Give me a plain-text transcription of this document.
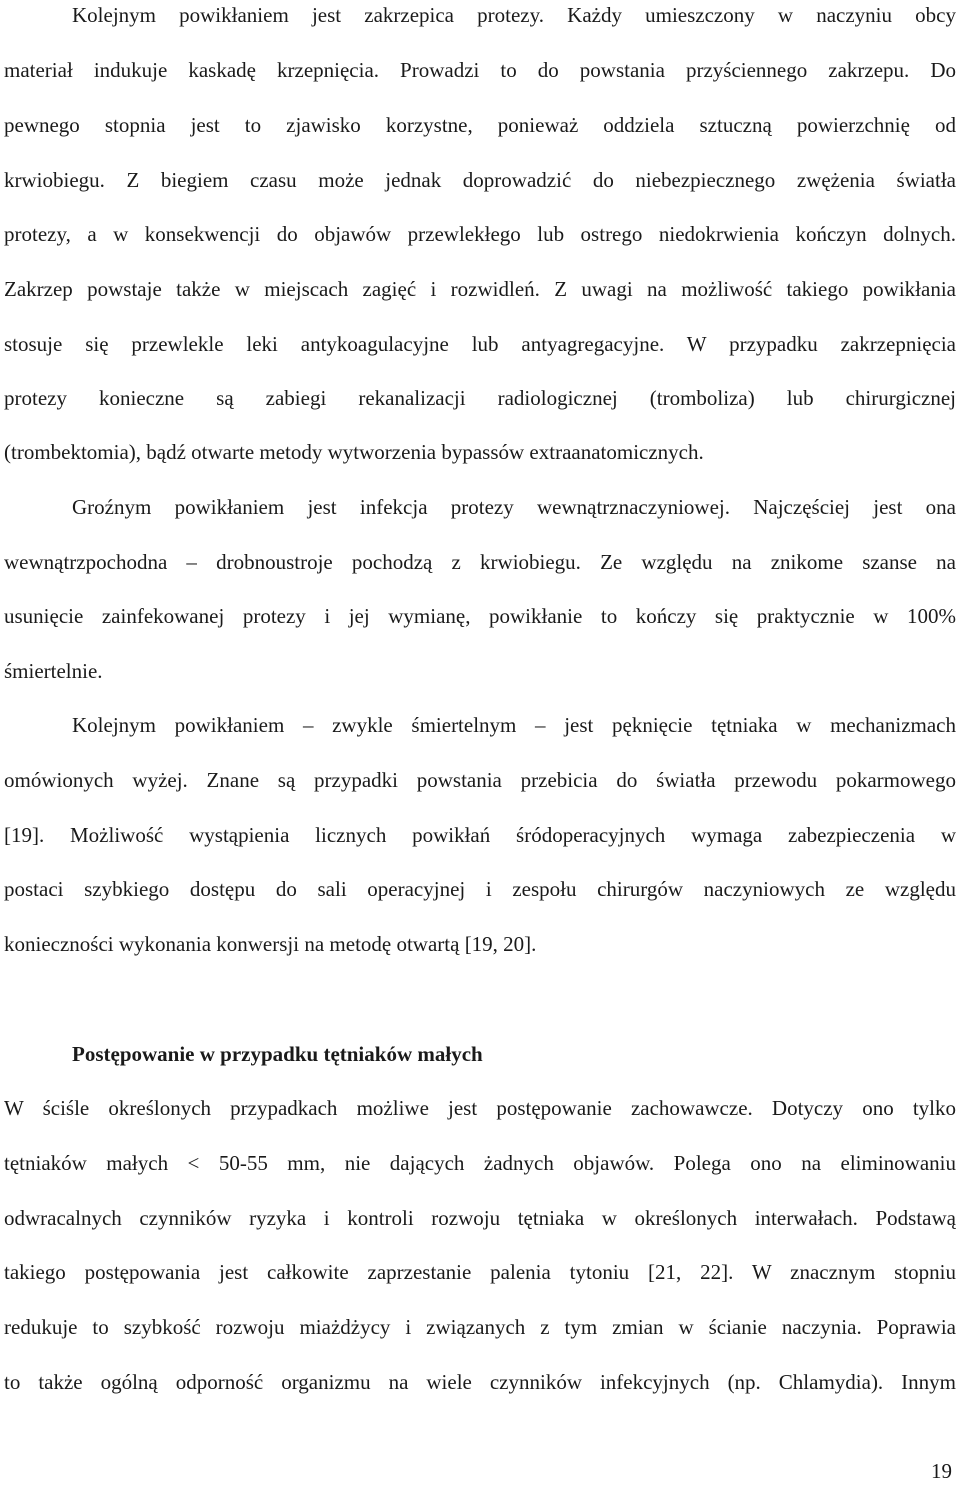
Kolejnym powikłaniem jest zakrzepica protezy. Każdy umieszczony w naczyniu obcy
materiał indukuje kaskadę krzepnięcia. Prowadzi to do powstania przyściennego zakrzepu. Do
pewnego stopnia jest to zjawisko korzystne, ponieważ oddziela sztuczną powierzchnię od
krwiobiegu. Z biegiem czasu może jednak doprowadzić do niebezpiecznego zwężenia światła
protezy, a w konsekwencji do objawów przewlekłego lub ostrego niedokrwienia kończyn dolnych.
Zakrzep powstaje także w miejscach zagięć i rozwidleń. Z uwagi na możliwość takiego powikłania
stosuje się przewlekle leki antykoagulacyjne lub antyagregacyjne. W przypadku zakrzepnięcia
protezy konieczne są zabiegi rekanalizacji radiologicznej (tromboliza) lub chirurgicznej
(trombektomia), bądź otwarte metody wytworzenia bypassów extraanatomicznych.
Groźnym powikłaniem jest infekcja protezy wewnątrznaczyniowej. Najczęściej jest ona
wewnątrzpochodna – drobnoustroje pochodzą z krwiobiegu. Ze względu na znikome szanse na
usunięcie zainfekowanej protezy i jej wymianę, powikłanie to kończy się praktycznie w 100%
śmiertelnie.
Kolejnym powikłaniem – zwykle śmiertelnym – jest pęknięcie tętniaka w mechanizmach
omówionych wyżej. Znane są przypadki powstania przebicia do światła przewodu pokarmowego
[19]. Możliwość wystąpienia licznych powikłań śródoperacyjnych wymaga zabezpieczenia w
postaci szybkiego dostępu do sali operacyjnej i zespołu chirurgów naczyniowych ze względu
konieczności wykonania konwersji na metodę otwartą [19, 20].
Postępowanie w przypadku tętniaków małych
W ściśle określonych przypadkach możliwe jest postępowanie zachowawcze. Dotyczy ono tylko
tętniaków małych < 50-55 mm, nie dających żadnych objawów. Polega ono na eliminowaniu
odwracalnych czynników ryzyka i kontroli rozwoju tętniaka w określonych interwałach. Podstawą
takiego postępowania jest całkowite zaprzestanie palenia tytoniu [21, 22]. W znacznym stopniu
redukuje to szybkość rozwoju miażdżycy i związanych z tym zmian w ścianie naczynia. Poprawia
to także ogólną odporność organizmu na wiele czynników infekcyjnych (np. Chlamydia). Innym
19
